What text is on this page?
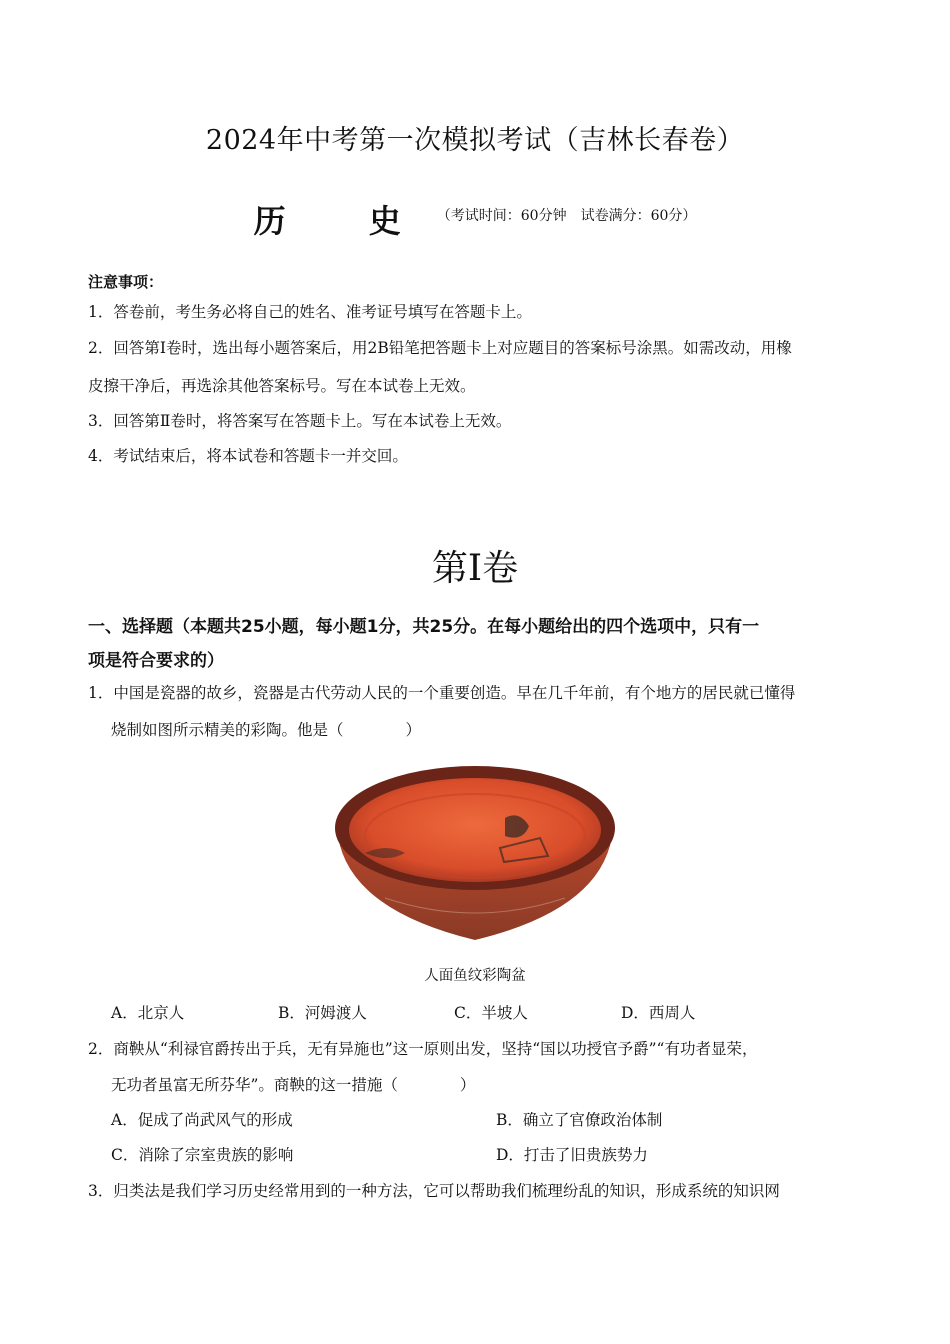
2024年中考第一次模拟考试（吉林长春卷）
历 史（考试时间：60分钟　试卷满分：60分）
注意事项：
1．答卷前，考生务必将自己的姓名、准考证号填写在答题卡上。
2．回答第Ⅰ卷时，选出每小题答案后，用2B铅笔把答题卡上对应题目的答案标号涂黑。如需改动，用橡
皮擦干净后，再选涂其他答案标号。写在本试卷上无效。
3．回答第Ⅱ卷时，将答案写在答题卡上。写在本试卷上无效。
4．考试结束后，将本试卷和答题卡一并交回。
第Ⅰ卷
一、选择题（本题共25小题，每小题1分，共25分。在每小题给出的四个选项中，只有一
项是符合要求的）
1．中国是瓷器的故乡，瓷器是古代劳动人民的一个重要创造。早在几千年前，有个地方的居民就已懂得
烧制如图所示精美的彩陶。他是（　　　　）
人面鱼纹彩陶盆
A．北京人	B．河姆渡人	C．半坡人	D．西周人
2．商鞅从“利禄官爵抟出于兵，无有异施也”这一原则出发，坚持“国以功授官予爵”“有功者显荣，
无功者虽富无所芬华”。商鞅的这一措施（　　　　）
A．促成了尚武风气的形成	B．确立了官僚政治体制
C．消除了宗室贵族的影响	D．打击了旧贵族势力
3．归类法是我们学习历史经常用到的一种方法，它可以帮助我们梳理纷乱的知识，形成系统的知识网
